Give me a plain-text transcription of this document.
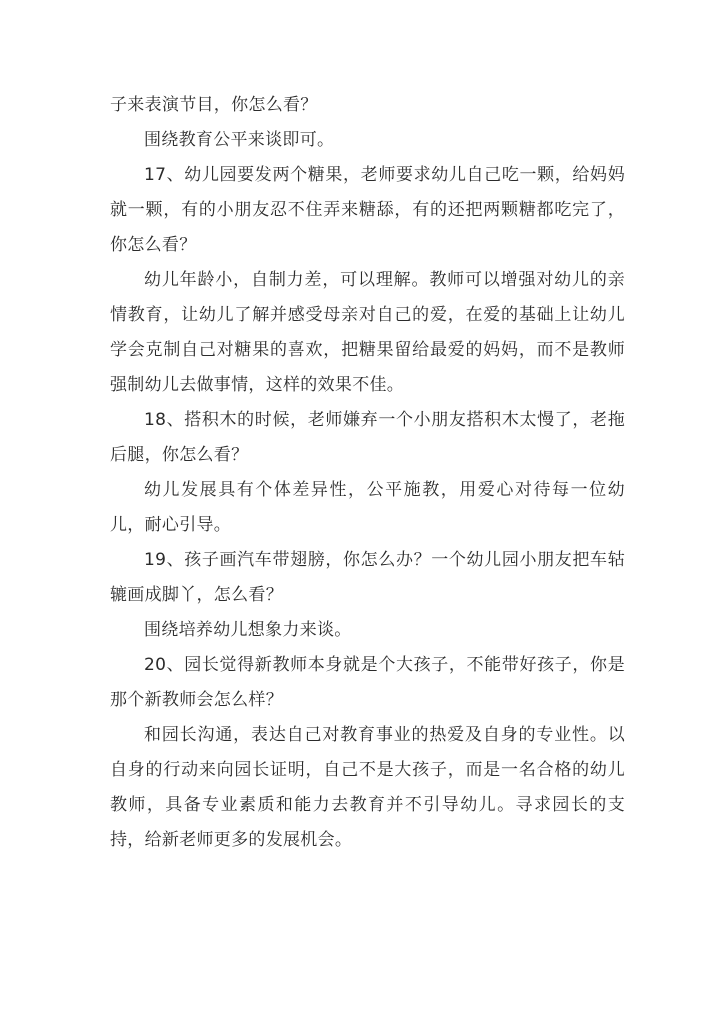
子来表演节目，你怎么看？

围绕教育公平来谈即可。

17、幼儿园要发两个糖果，老师要求幼儿自己吃一颗，给妈妈就一颗，有的小朋友忍不住弄来糖舔，有的还把两颗糖都吃完了，你怎么看？

幼儿年龄小，自制力差，可以理解。教师可以增强对幼儿的亲情教育，让幼儿了解并感受母亲对自己的爱，在爱的基础上让幼儿学会克制自己对糖果的喜欢，把糖果留给最爱的妈妈，而不是教师强制幼儿去做事情，这样的效果不佳。

18、搭积木的时候，老师嫌弃一个小朋友搭积木太慢了，老拖后腿，你怎么看？

幼儿发展具有个体差异性，公平施教，用爱心对待每一位幼儿，耐心引导。

19、孩子画汽车带翅膀，你怎么办？一个幼儿园小朋友把车轱辘画成脚丫，怎么看？

围绕培养幼儿想象力来谈。

20、园长觉得新教师本身就是个大孩子，不能带好孩子，你是那个新教师会怎么样？

和园长沟通，表达自己对教育事业的热爱及自身的专业性。以自身的行动来向园长证明，自己不是大孩子，而是一名合格的幼儿教师，具备专业素质和能力去教育并不引导幼儿。寻求园长的支持，给新老师更多的发展机会。
